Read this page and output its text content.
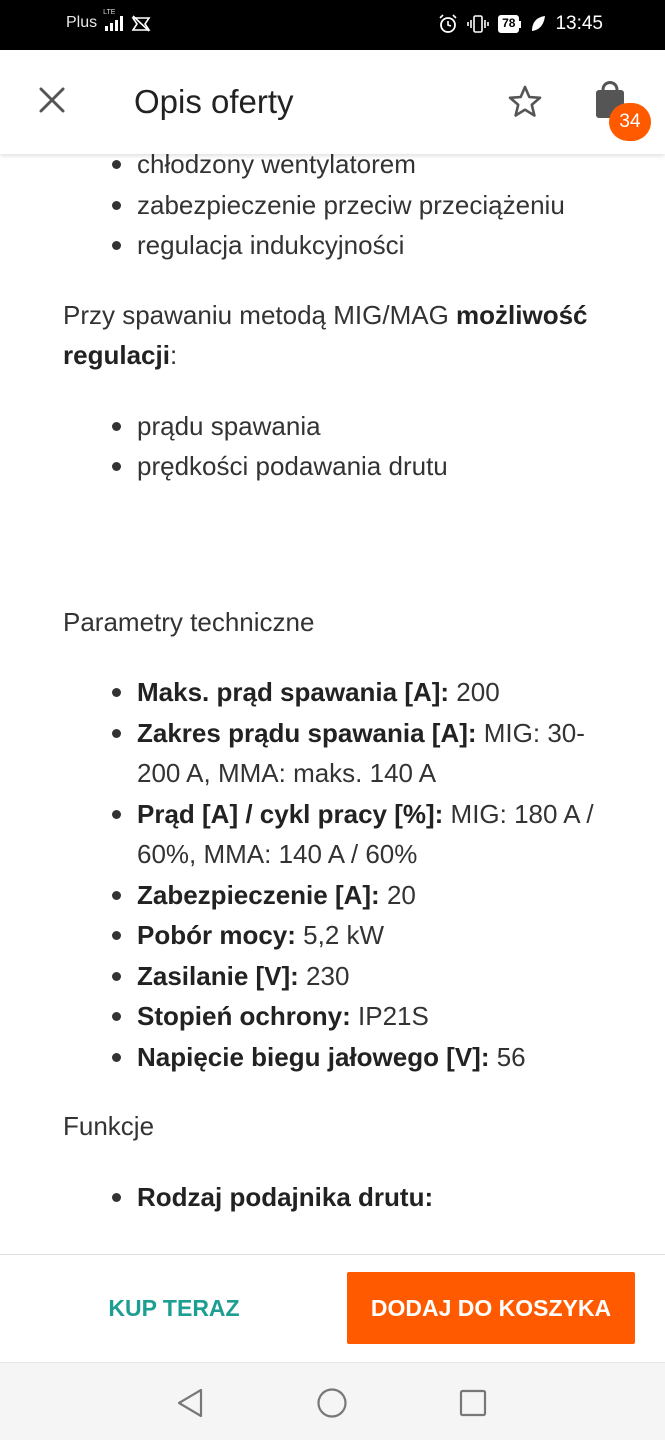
Plus
LTE
78 13:45
Opis oferty
34
chłodzony wentylatorem
zabezpieczenie przeciw przeciążeniu
regulacja indukcyjności

Przy spawaniu metodą MIG/MAG możliwość regulacji:

prądu spawania
prędkości podawania drutu

Parametry techniczne

Maks. prąd spawania [A]: 200
Zakres prądu spawania [A]: MIG: 30-200 A, MMA: maks. 140 A
Prąd [A] / cykl pracy [%]: MIG: 180 A / 60%, MMA: 140 A / 60%
Zabezpieczenie [A]: 20
Pobór mocy: 5,2 kW
Zasilanie [V]: 230
Stopień ochrony: IP21S
Napięcie biegu jałowego [V]: 56

Funkcje

Rodzaj podajnika drutu:
KUP TERAZ	DODAJ DO KOSZYKA
